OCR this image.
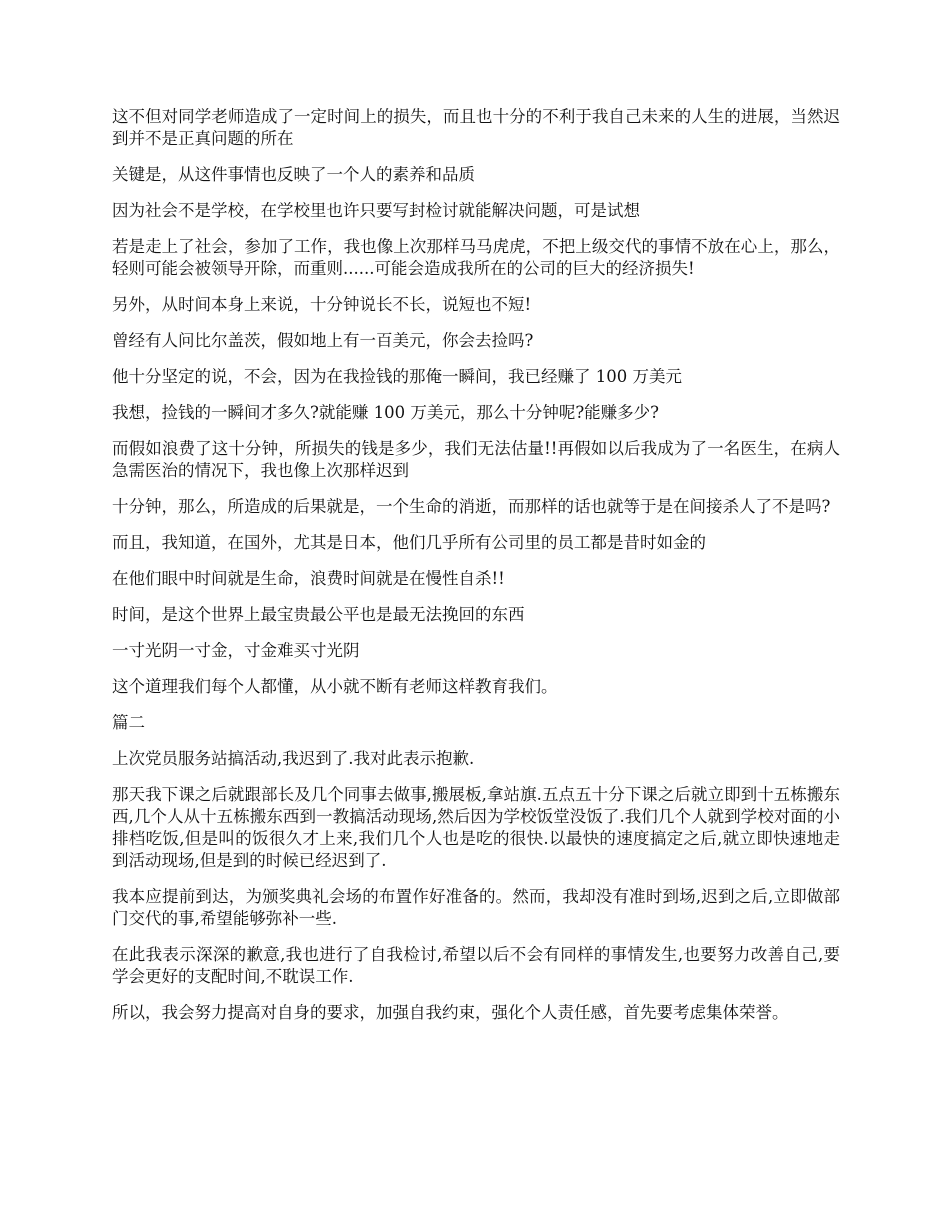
这不但对同学老师造成了一定时间上的损失，而且也十分的不利于我自己未来的人生的进展，当然迟到并不是正真问题的所在

关键是，从这件事情也反映了一个人的素养和品质

因为社会不是学校，在学校里也许只要写封检讨就能解决问题，可是试想

若是走上了社会，参加了工作，我也像上次那样马马虎虎，不把上级交代的事情不放在心上，那么，轻则可能会被领导开除，而重则......可能会造成我所在的公司的巨大的经济损失!

另外，从时间本身上来说，十分钟说长不长，说短也不短!

曾经有人问比尔盖茨，假如地上有一百美元，你会去捡吗?

他十分坚定的说，不会，因为在我捡钱的那俺一瞬间，我已经赚了 100 万美元

我想，捡钱的一瞬间才多久?就能赚 100 万美元，那么十分钟呢?能赚多少?

而假如浪费了这十分钟，所损失的钱是多少，我们无法估量!!再假如以后我成为了一名医生，在病人急需医治的情况下，我也像上次那样迟到

十分钟，那么，所造成的后果就是，一个生命的消逝，而那样的话也就等于是在间接杀人了不是吗?

而且，我知道，在国外，尤其是日本，他们几乎所有公司里的员工都是昔时如金的

在他们眼中时间就是生命，浪费时间就是在慢性自杀!!

时间，是这个世界上最宝贵最公平也是最无法挽回的东西

一寸光阴一寸金，寸金难买寸光阴

这个道理我们每个人都懂，从小就不断有老师这样教育我们。

篇二

上次党员服务站搞活动,我迟到了.我对此表示抱歉.

那天我下课之后就跟部长及几个同事去做事,搬展板,拿站旗.五点五十分下课之后就立即到十五栋搬东西,几个人从十五栋搬东西到一教搞活动现场,然后因为学校饭堂没饭了.我们几个人就到学校对面的小排档吃饭,但是叫的饭很久才上来,我们几个人也是吃的很快.以最快的速度搞定之后,就立即快速地走到活动现场,但是到的时候已经迟到了.

我本应提前到达，为颁奖典礼会场的布置作好准备的。然而，我却没有准时到场,迟到之后,立即做部门交代的事,希望能够弥补一些.

在此我表示深深的歉意,我也进行了自我检讨,希望以后不会有同样的事情发生,也要努力改善自己,要学会更好的支配时间,不耽误工作.

所以，我会努力提高对自身的要求，加强自我约束，强化个人责任感，首先要考虑集体荣誉。
